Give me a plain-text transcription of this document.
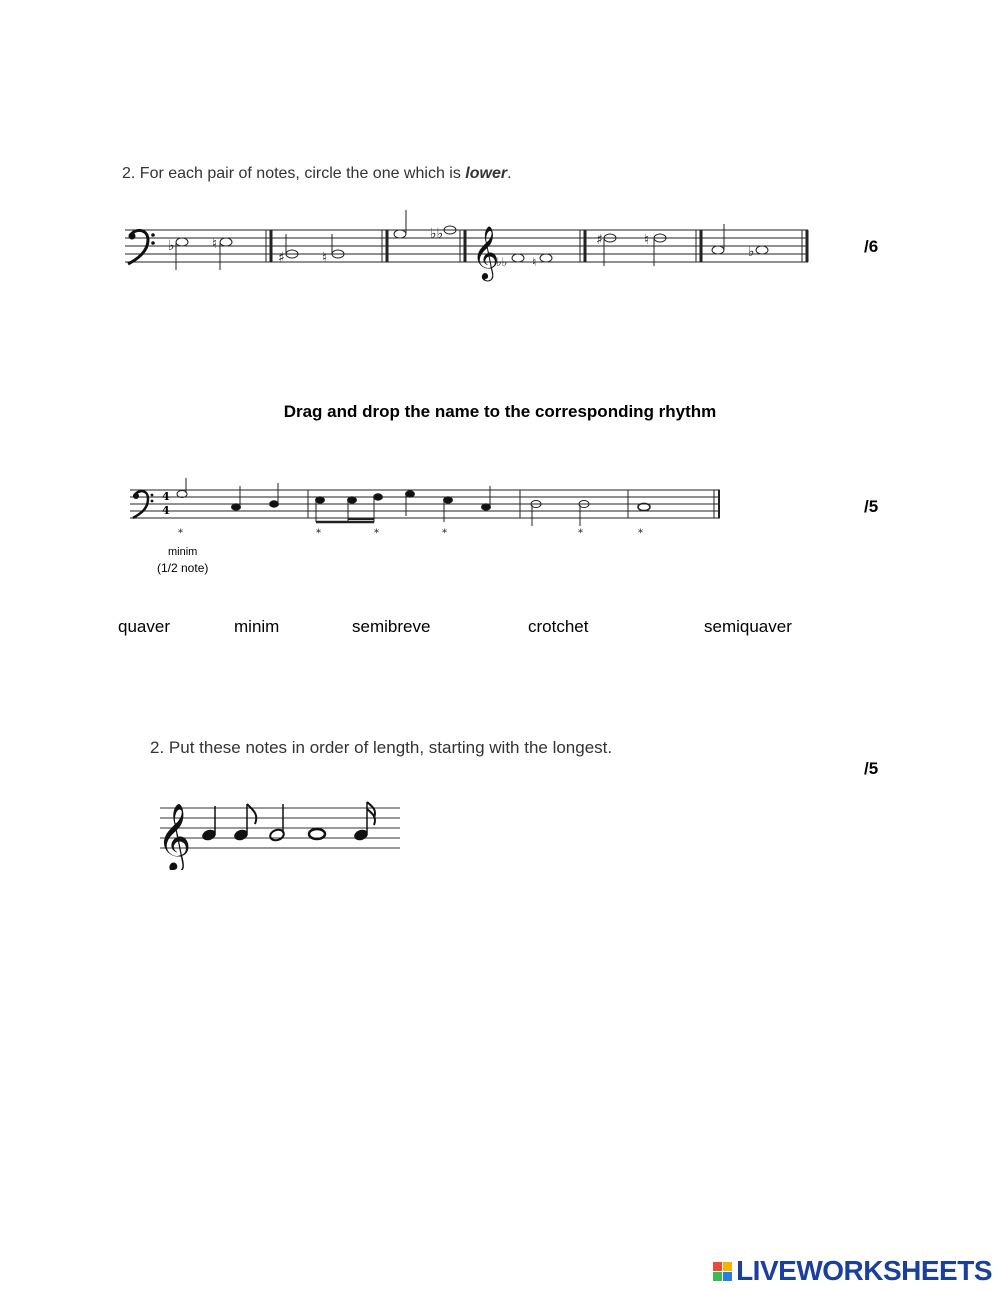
2. For each pair of notes, circle the one which is lower.
♭	♮
♯	♮
♭♭ 𝄞
♭♭ ♮
♯	♮
♭	/6
Drag and drop the name to the corresponding rhythm
4
4
*	*	*	*	*	*
minim
(1/2 note)
/5
quaver	minim	semibreve	crotchet	semiquaver
2. Put these notes in order of length, starting with the longest.
/5
𝄞
LIVEWORKSHEETS
